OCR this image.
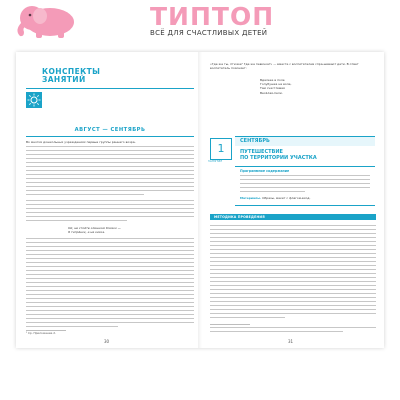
ТИПТОП
ВСЁ ДЛЯ СЧАСТЛИВЫХ ДЕТЕЙ
КОНСПЕКТЫ
ЗАНЯТИЙ
АВГУСТ — СЕНТЯБРЬ
Во многих дошкольных учреждениях первые группы раннего возра-
Ой, не стойте слишком близко —
Я тигрёнок, а не киска.
¹ Ср. Приложение 2.
30
«Где же ты, птичка? Где же певичка?» — вместе с воспитателем спра-шивают дети. В ответ воспитатель поясняет:
Вдалеке в поле
Голубушка на воле,
Там счастливая
Весёлая-пели.
1
ЗАНЯТИЕ
СЕНТЯБРЬ
ПУТЕШЕСТВИЕ
ПО ТЕРРИТОРИИ УЧАСТКА
Программное содержание
Материалы. Образы, макет с флагом-вход.
МЕТОДИКА ПРОВЕДЕНИЯ
31
